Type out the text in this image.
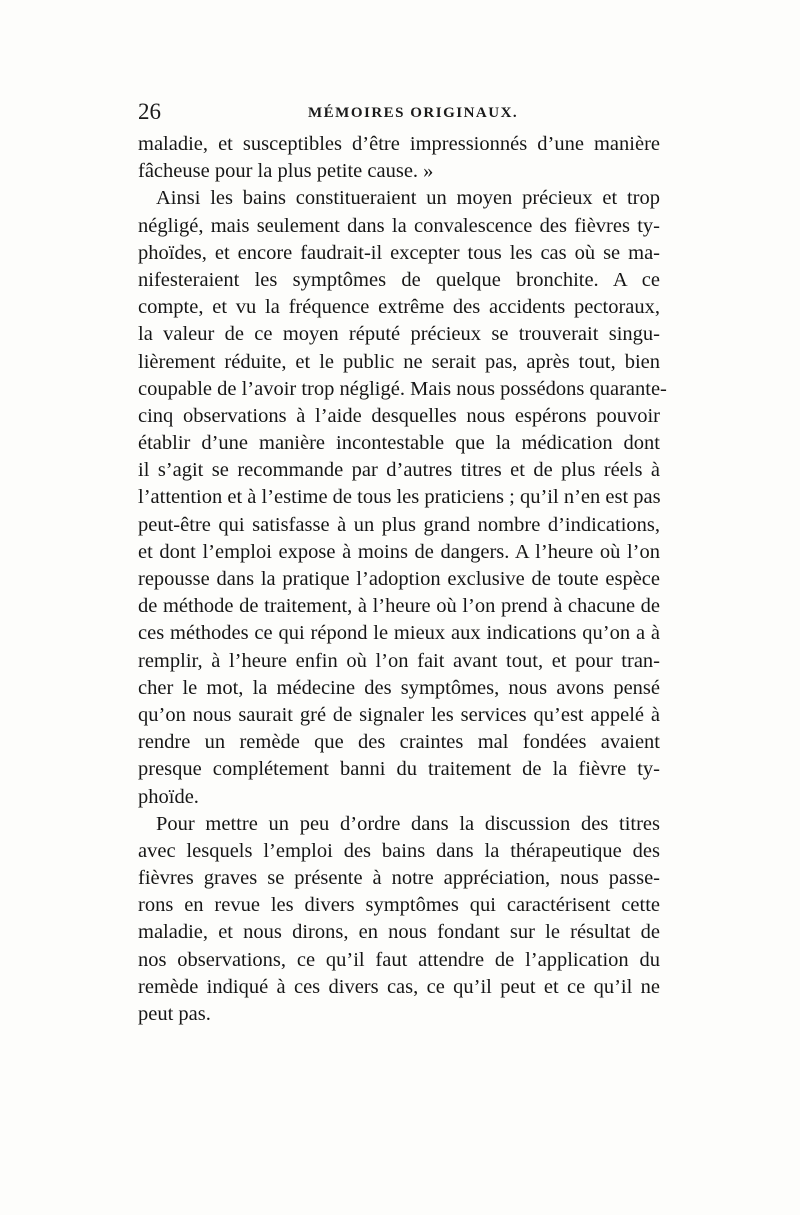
26	MÉMOIRES ORIGINAUX.
maladie, et susceptibles d’être impressionnés d’une manière
fâcheuse pour la plus petite cause. »
Ainsi les bains constitueraient un moyen précieux et trop
négligé, mais seulement dans la convalescence des fièvres ty-
phoïdes, et encore faudrait-il excepter tous les cas où se ma-
nifesteraient les symptômes de quelque bronchite. A ce
compte, et vu la fréquence extrême des accidents pectoraux,
la valeur de ce moyen réputé précieux se trouverait singu-
lièrement réduite, et le public ne serait pas, après tout, bien
coupable de l’avoir trop négligé. Mais nous possédons quarante-
cinq observations à l’aide desquelles nous espérons pouvoir
établir d’une manière incontestable que la médication dont
il s’agit se recommande par d’autres titres et de plus réels à
l’attention et à l’estime de tous les praticiens ; qu’il n’en est pas
peut-être qui satisfasse à un plus grand nombre d’indications,
et dont l’emploi expose à moins de dangers. A l’heure où l’on
repousse dans la pratique l’adoption exclusive de toute espèce
de méthode de traitement, à l’heure où l’on prend à chacune de
ces méthodes ce qui répond le mieux aux indications qu’on a à
remplir, à l’heure enfin où l’on fait avant tout, et pour tran-
cher le mot, la médecine des symptômes, nous avons pensé
qu’on nous saurait gré de signaler les services qu’est appelé à
rendre un remède que des craintes mal fondées avaient
presque complétement banni du traitement de la fièvre ty-
phoïde.
Pour mettre un peu d’ordre dans la discussion des titres
avec lesquels l’emploi des bains dans la thérapeutique des
fièvres graves se présente à notre appréciation, nous passe-
rons en revue les divers symptômes qui caractérisent cette
maladie, et nous dirons, en nous fondant sur le résultat de
nos observations, ce qu’il faut attendre de l’application du
remède indiqué à ces divers cas, ce qu’il peut et ce qu’il ne
peut pas.
